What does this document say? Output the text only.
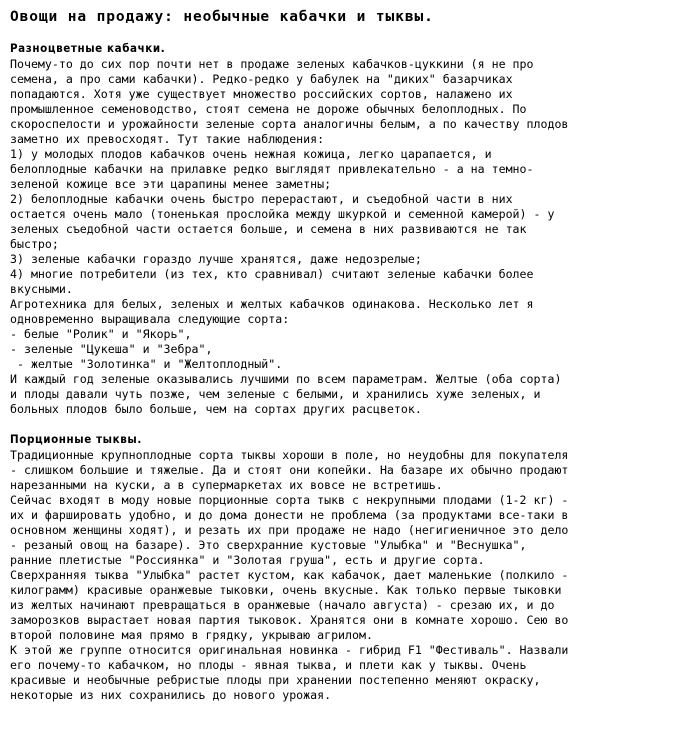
Овощи на продажу: необычные кабачки и тыквы.
Разноцветные кабачки.
Почему-то до сих пор почти нет в продаже зеленых кабачков-цуккини (я не про
семена, а про сами кабачки). Редко-редко у бабулек на "диких" базарчиках
попадаются. Хотя уже существует множество российских сортов, налажено их
промышленное семеноводство, стоят семена не дороже обычных белоплодных. По
скороспелости и урожайности зеленые сорта аналогичны белым, а по качеству плодов
заметно их превосходят. Тут такие наблюдения:
1) у молодых плодов кабачков очень нежная кожица, легко царапается, и
белоплодные кабачки на прилавке редко выглядят привлекательно - а на темно-
зеленой кожице все эти царапины менее заметны;
2) белоплодные кабачки очень быстро перерастают, и съедобной части в них
остается очень мало (тоненькая прослойка между шкуркой и семенной камерой) - у
зеленых съедобной части остается больше, и семена в них развиваются не так
быстро;
3) зеленые кабачки гораздо лучше хранятся, даже недозрелые;
4) многие потребители (из тех, кто сравнивал) считают зеленые кабачки более
вкусными.
Агротехника для белых, зеленых и желтых кабачков одинакова. Несколько лет я
одновременно выращивала следующие сорта:
- белые "Ролик" и "Якорь",
- зеленые "Цукеша" и "Зебра",
- желтые "Золотинка" и "Желтоплодный".
И каждый год зеленые оказывались лучшими по всем параметрам. Желтые (оба сорта)
и плоды давали чуть позже, чем зеленые с белыми, и хранились хуже зеленых, и
больных плодов было больше, чем на сортах других расцветок.
Порционные тыквы.
Традиционные крупноплодные сорта тыквы хороши в поле, но неудобны для покупателя
- слишком большие и тяжелые. Да и стоят они копейки. На базаре их обычно продают
нарезанными на куски, а в супермаркетах их вовсе не встретишь.
Сейчас входят в моду новые порционные сорта тыкв с некрупными плодами (1-2 кг) -
их и фаршировать удобно, и до дома донести не проблема (за продуктами все-таки в
основном женщины ходят), и резать их при продаже не надо (негигиеничное это дело
- резаный овощ на базаре). Это сверхранние кустовые "Улыбка" и "Веснушка",
ранние плетистые "Россиянка" и "Золотая груша", есть и другие сорта.
Сверхранняя тыква "Улыбка" растет кустом, как кабачок, дает маленькие (полкило -
килограмм) красивые оранжевые тыковки, очень вкусные. Как только первые тыковки
из желтых начинают превращаться в оранжевые (начало августа) - срезаю их, и до
заморозков вырастает новая партия тыковок. Хранятся они в комнате хорошо. Сею во
второй половине мая прямо в грядку, укрываю агрилом.
К этой же группе относится оригинальная новинка - гибрид F1 "Фестиваль". Назвали
его почему-то кабачком, но плоды - явная тыква, и плети как у тыквы. Очень
красивые и необычные ребристые плоды при хранении постепенно меняют окраску,
некоторые из них сохранились до нового урожая.
